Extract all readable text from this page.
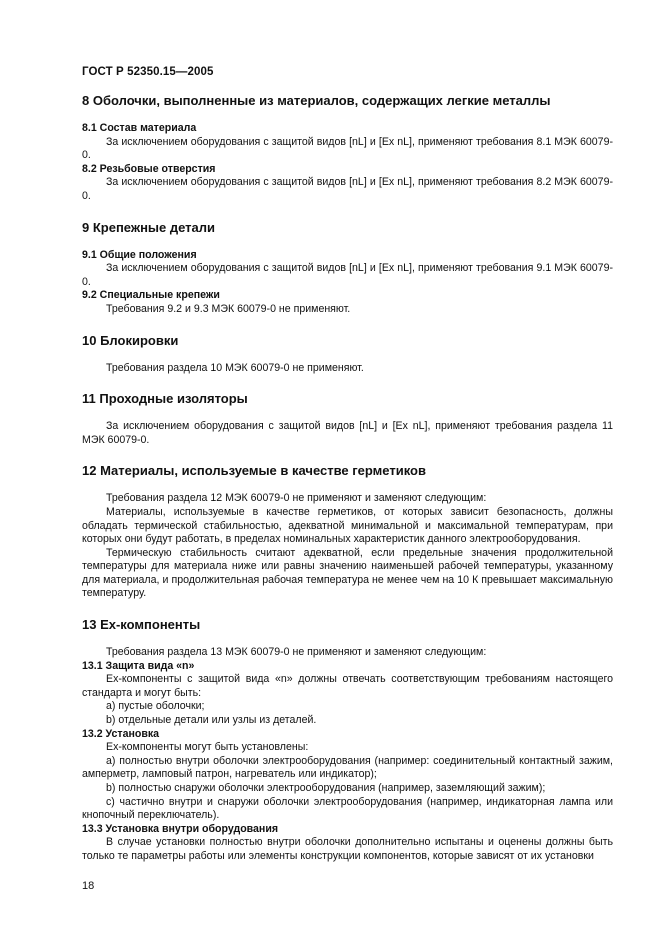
ГОСТ Р 52350.15—2005

8 Оболочки, выполненные из материалов, содержащих легкие металлы

8.1 Состав материала

За исключением оборудования с защитой видов [nL] и [Ex nL], применяют требования 8.1 МЭК 60079-0.

8.2 Резьбовые отверстия

За исключением оборудования с защитой видов [nL] и [Ex nL], применяют требования 8.2 МЭК 60079-0.

9 Крепежные детали

9.1 Общие положения

За исключением оборудования с защитой видов [nL] и [Ex nL], применяют требования 9.1 МЭК 60079-0.

9.2 Специальные крепежи

Требования 9.2 и 9.3 МЭК 60079-0 не применяют.

10 Блокировки

Требования раздела 10 МЭК 60079-0 не применяют.

11 Проходные изоляторы

За исключением оборудования с защитой видов [nL] и [Ex nL], применяют требования раздела 11 МЭК 60079-0.

12 Материалы, используемые в качестве герметиков

Требования раздела 12 МЭК 60079-0 не применяют и заменяют следующим:

Материалы, используемые в качестве герметиков, от которых зависит безопасность, должны обладать термической стабильностью, адекватной минимальной и максимальной температурам, при которых они будут работать, в пределах номинальных характеристик данного электрооборудования.

Термическую стабильность считают адекватной, если предельные значения продолжительной температуры для материала ниже или равны значению наименьшей рабочей температуры, указанному для материала, и продолжительная рабочая температура не менее чем на 10 К превышает максимальную температуру.

13 Ex-компоненты

Требования раздела 13 МЭК 60079-0 не применяют и заменяют следующим:

13.1 Защита вида «n»

Ex-компоненты с защитой вида «n» должны отвечать соответствующим требованиям настоящего стандарта и могут быть:

а) пустые оболочки;

b) отдельные детали или узлы из деталей.

13.2 Установка

Ex-компоненты могут быть установлены:

а) полностью внутри оболочки электрооборудования (например: соединительный контактный зажим, амперметр, ламповый патрон, нагреватель или индикатор);

b) полностью снаружи оболочки электрооборудования (например, заземляющий зажим);

с) частично внутри и снаружи оболочки электрооборудования (например, индикаторная лампа или кнопочный переключатель).

13.3 Установка внутри оборудования

В случае установки полностью внутри оболочки дополнительно испытаны и оценены должны быть только те параметры работы или элементы конструкции компонентов, которые зависят от их установки

18
